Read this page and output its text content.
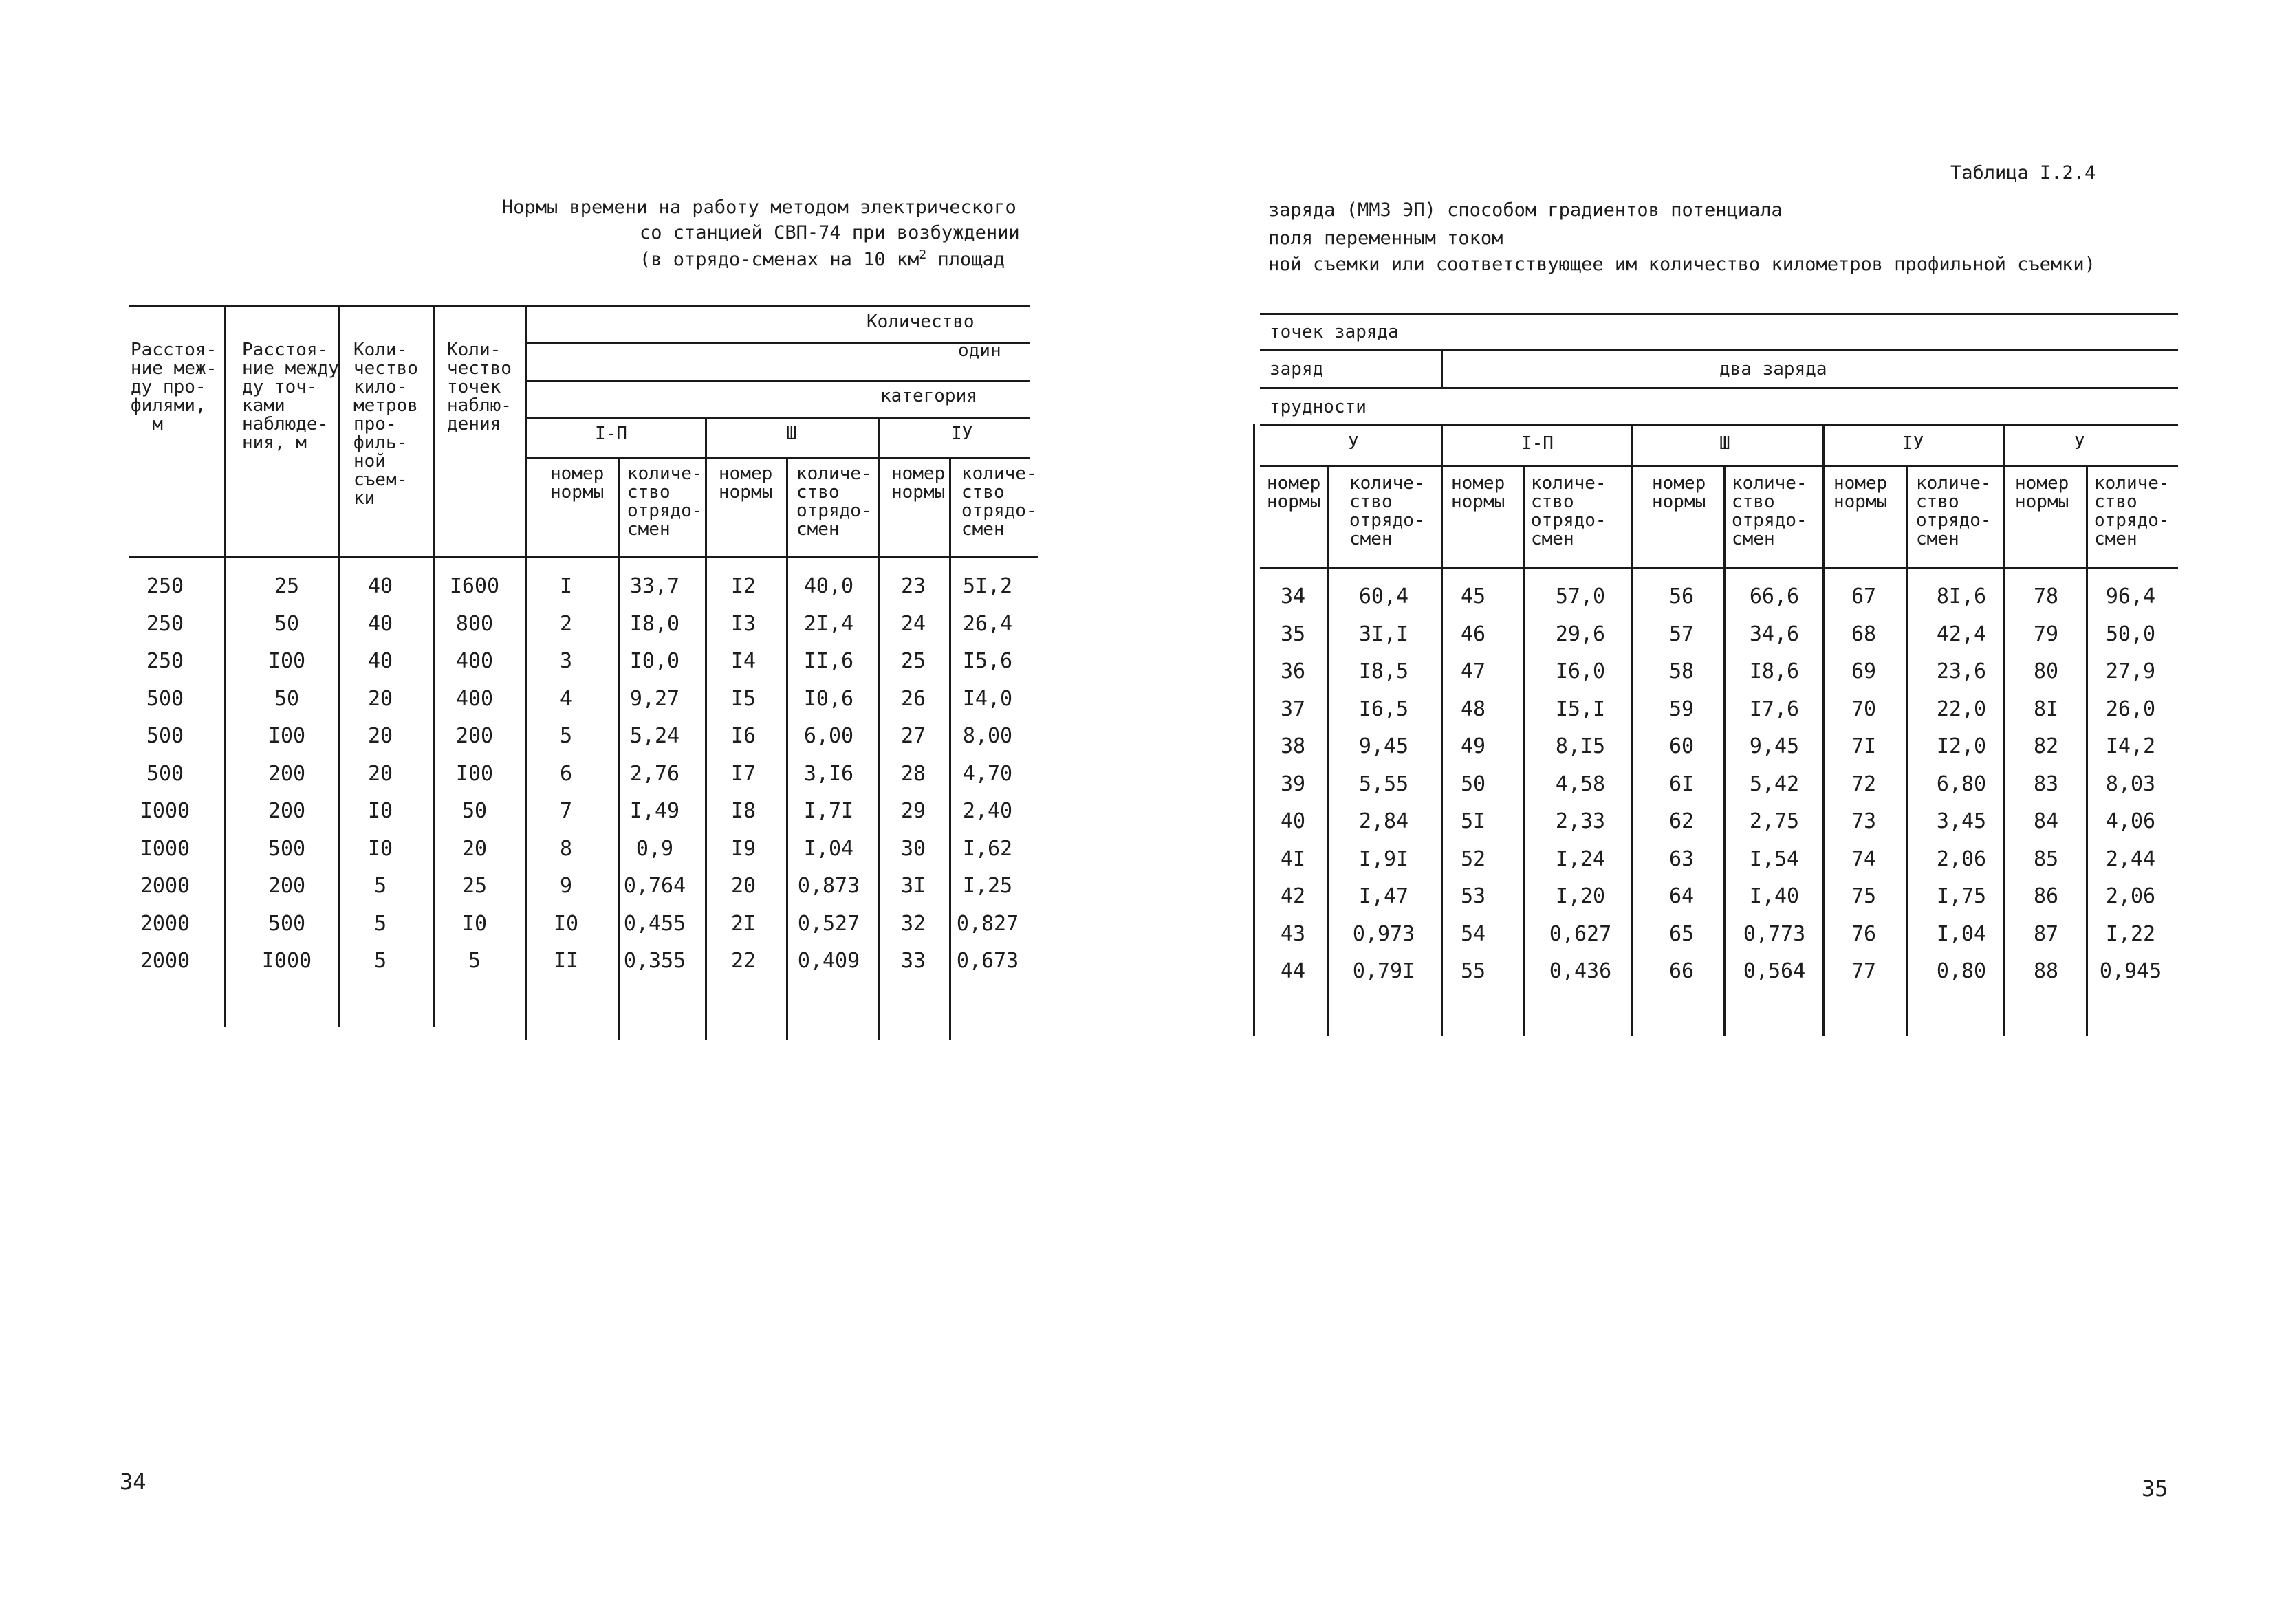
Нормы времени на работу методом электрического
со станцией СВП-74 при возбуждении
(в отрядо-сменах на 10 $км^2$ площад
Расстоя-
ние меж-
ду про-
филями,
м
Расстоя-
ние между
ду точ-
ками
наблюде-
ния, м
Коли-
чество
кило-
метров
про-
филь-
ной
съем-
ки
Коли-
чество
точек
наблю-
дения
Количество
один
категория
I-П	Ш	IУ
номер
нормы
количе-
ство
отрядо-
смен
номер
нормы
количе-
ство
отрядо-
смен
номер
нормы
количе-
ство
отрядо-
смен
250	25	40	I600	I	33,7	I2	40,0	23	5I,2
250	50	40	800	2	I8,0	I3	2I,4	24	26,4
250	I00	40	400	3	I0,0	I4	II,6	25	I5,6
500	50	20	400	4	9,27	I5	I0,6	26	I4,0
500	I00	20	200	5	5,24	I6	6,00	27	8,00
500	200	20	I00	6	2,76	I7	3,I6	28	4,70
I000	200	I0	50	7	I,49	I8	I,7I	29	2,40
I000	500	I0	20	8	0,9	I9	I,04	30	I,62
2000	200	5	25	9	0,764	20	0,873	3I	I,25
2000	500	5	I0	I0	0,455	2I	0,527	32	0,827
2000	I000	5	5	II	0,355	22	0,409	33	0,673
34
Таблица I.2.4
заряда (ММЗ ЭП) способом градиентов потенциала
поля переменным током
ной съемки или соответствующее им количество километров профильной съемки)
точек заряда
заряд	два заряда
трудности
У	I-П	Ш	IУ	У
номер
нормы
количе-
ство
отрядо-
смен
номер
нормы
количе-
ство
отрядо-
смен
номер
нормы
количе-
ство
отрядо-
смен
номер
нормы
количе-
ство
отрядо-
смен
номер
нормы
количе-
ство
отрядо-
смен
34	60,4	45	57,0	56	66,6	67	8I,6	78	96,4
35	3I,I	46	29,6	57	34,6	68	42,4	79	50,0
36	I8,5	47	I6,0	58	I8,6	69	23,6	80	27,9
37	I6,5	48	I5,I	59	I7,6	70	22,0	8I	26,0
38	9,45	49	8,I5	60	9,45	7I	I2,0	82	I4,2
39	5,55	50	4,58	6I	5,42	72	6,80	83	8,03
40	2,84	5I	2,33	62	2,75	73	3,45	84	4,06
4I	I,9I	52	I,24	63	I,54	74	2,06	85	2,44
42	I,47	53	I,20	64	I,40	75	I,75	86	2,06
43	0,973	54	0,627	65	0,773	76	I,04	87	I,22
44	0,79I	55	0,436	66	0,564	77	0,80	88	0,945
35
